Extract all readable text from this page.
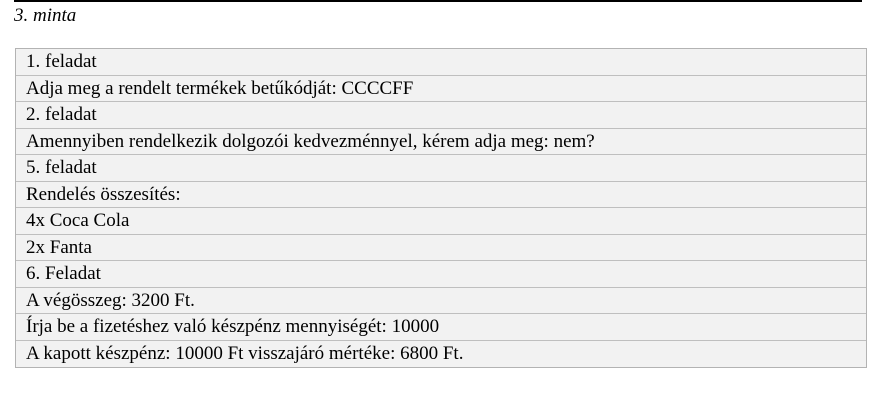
3. minta
1. feladat
Adja meg a rendelt termékek betűkódját: CCCCFF
2. feladat
Amennyiben rendelkezik dolgozói kedvezménnyel, kérem adja meg: nem?
5. feladat
Rendelés összesítés:
4x Coca Cola
2x Fanta
6. Feladat
A végösszeg: 3200 Ft.
Írja be a fizetéshez való készpénz mennyiségét: 10000
A kapott készpénz: 10000 Ft visszajáró mértéke: 6800 Ft.
